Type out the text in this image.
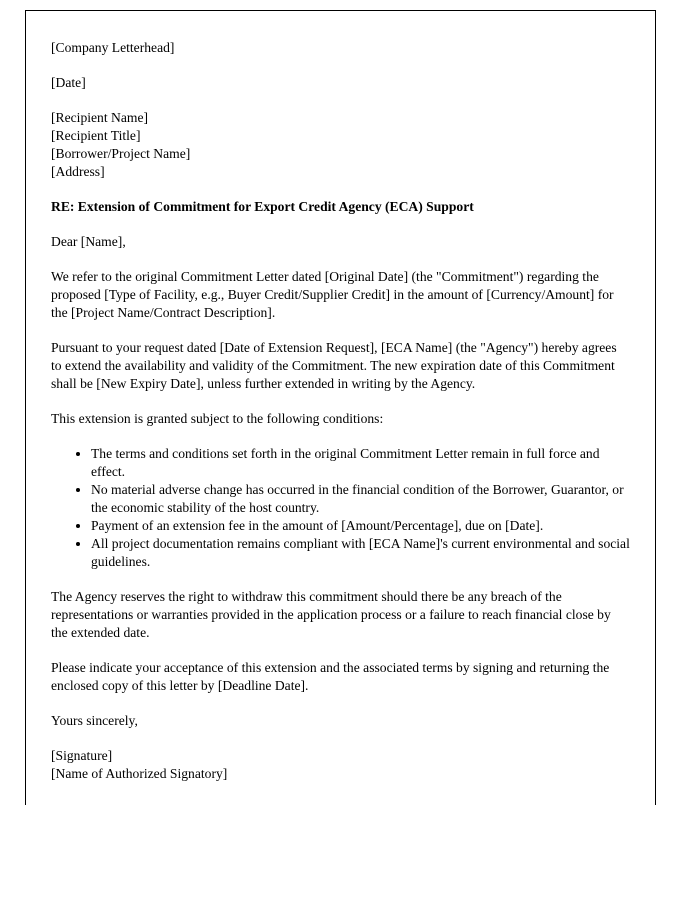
[Company Letterhead]

[Date]

[Recipient Name]

[Recipient Title]

[Borrower/Project Name]

[Address]

RE: Extension of Commitment for Export Credit Agency (ECA) Support

Dear [Name],

We refer to the original Commitment Letter dated [Original Date] (the "Commitment") regarding the proposed [Type of Facility, e.g., Buyer Credit/Supplier Credit] in the amount of [Currency/Amount] for the [Project Name/Contract Description].

Pursuant to your request dated [Date of Extension Request], [ECA Name] (the "Agency") hereby agrees to extend the availability and validity of the Commitment. The new expiration date of this Commitment shall be [New Expiry Date], unless further extended in writing by the Agency.

This extension is granted subject to the following conditions:

• The terms and conditions set forth in the original Commitment Letter remain in full force and effect.
• No material adverse change has occurred in the financial condition of the Borrower, Guarantor, or the economic stability of the host country.
• Payment of an extension fee in the amount of [Amount/Percentage], due on [Date].
• All project documentation remains compliant with [ECA Name]'s current environmental and social guidelines.

The Agency reserves the right to withdraw this commitment should there be any breach of the representations or warranties provided in the application process or a failure to reach financial close by the extended date.

Please indicate your acceptance of this extension and the associated terms by signing and returning the enclosed copy of this letter by [Deadline Date].

Yours sincerely,

[Signature]

[Name of Authorized Signatory]
